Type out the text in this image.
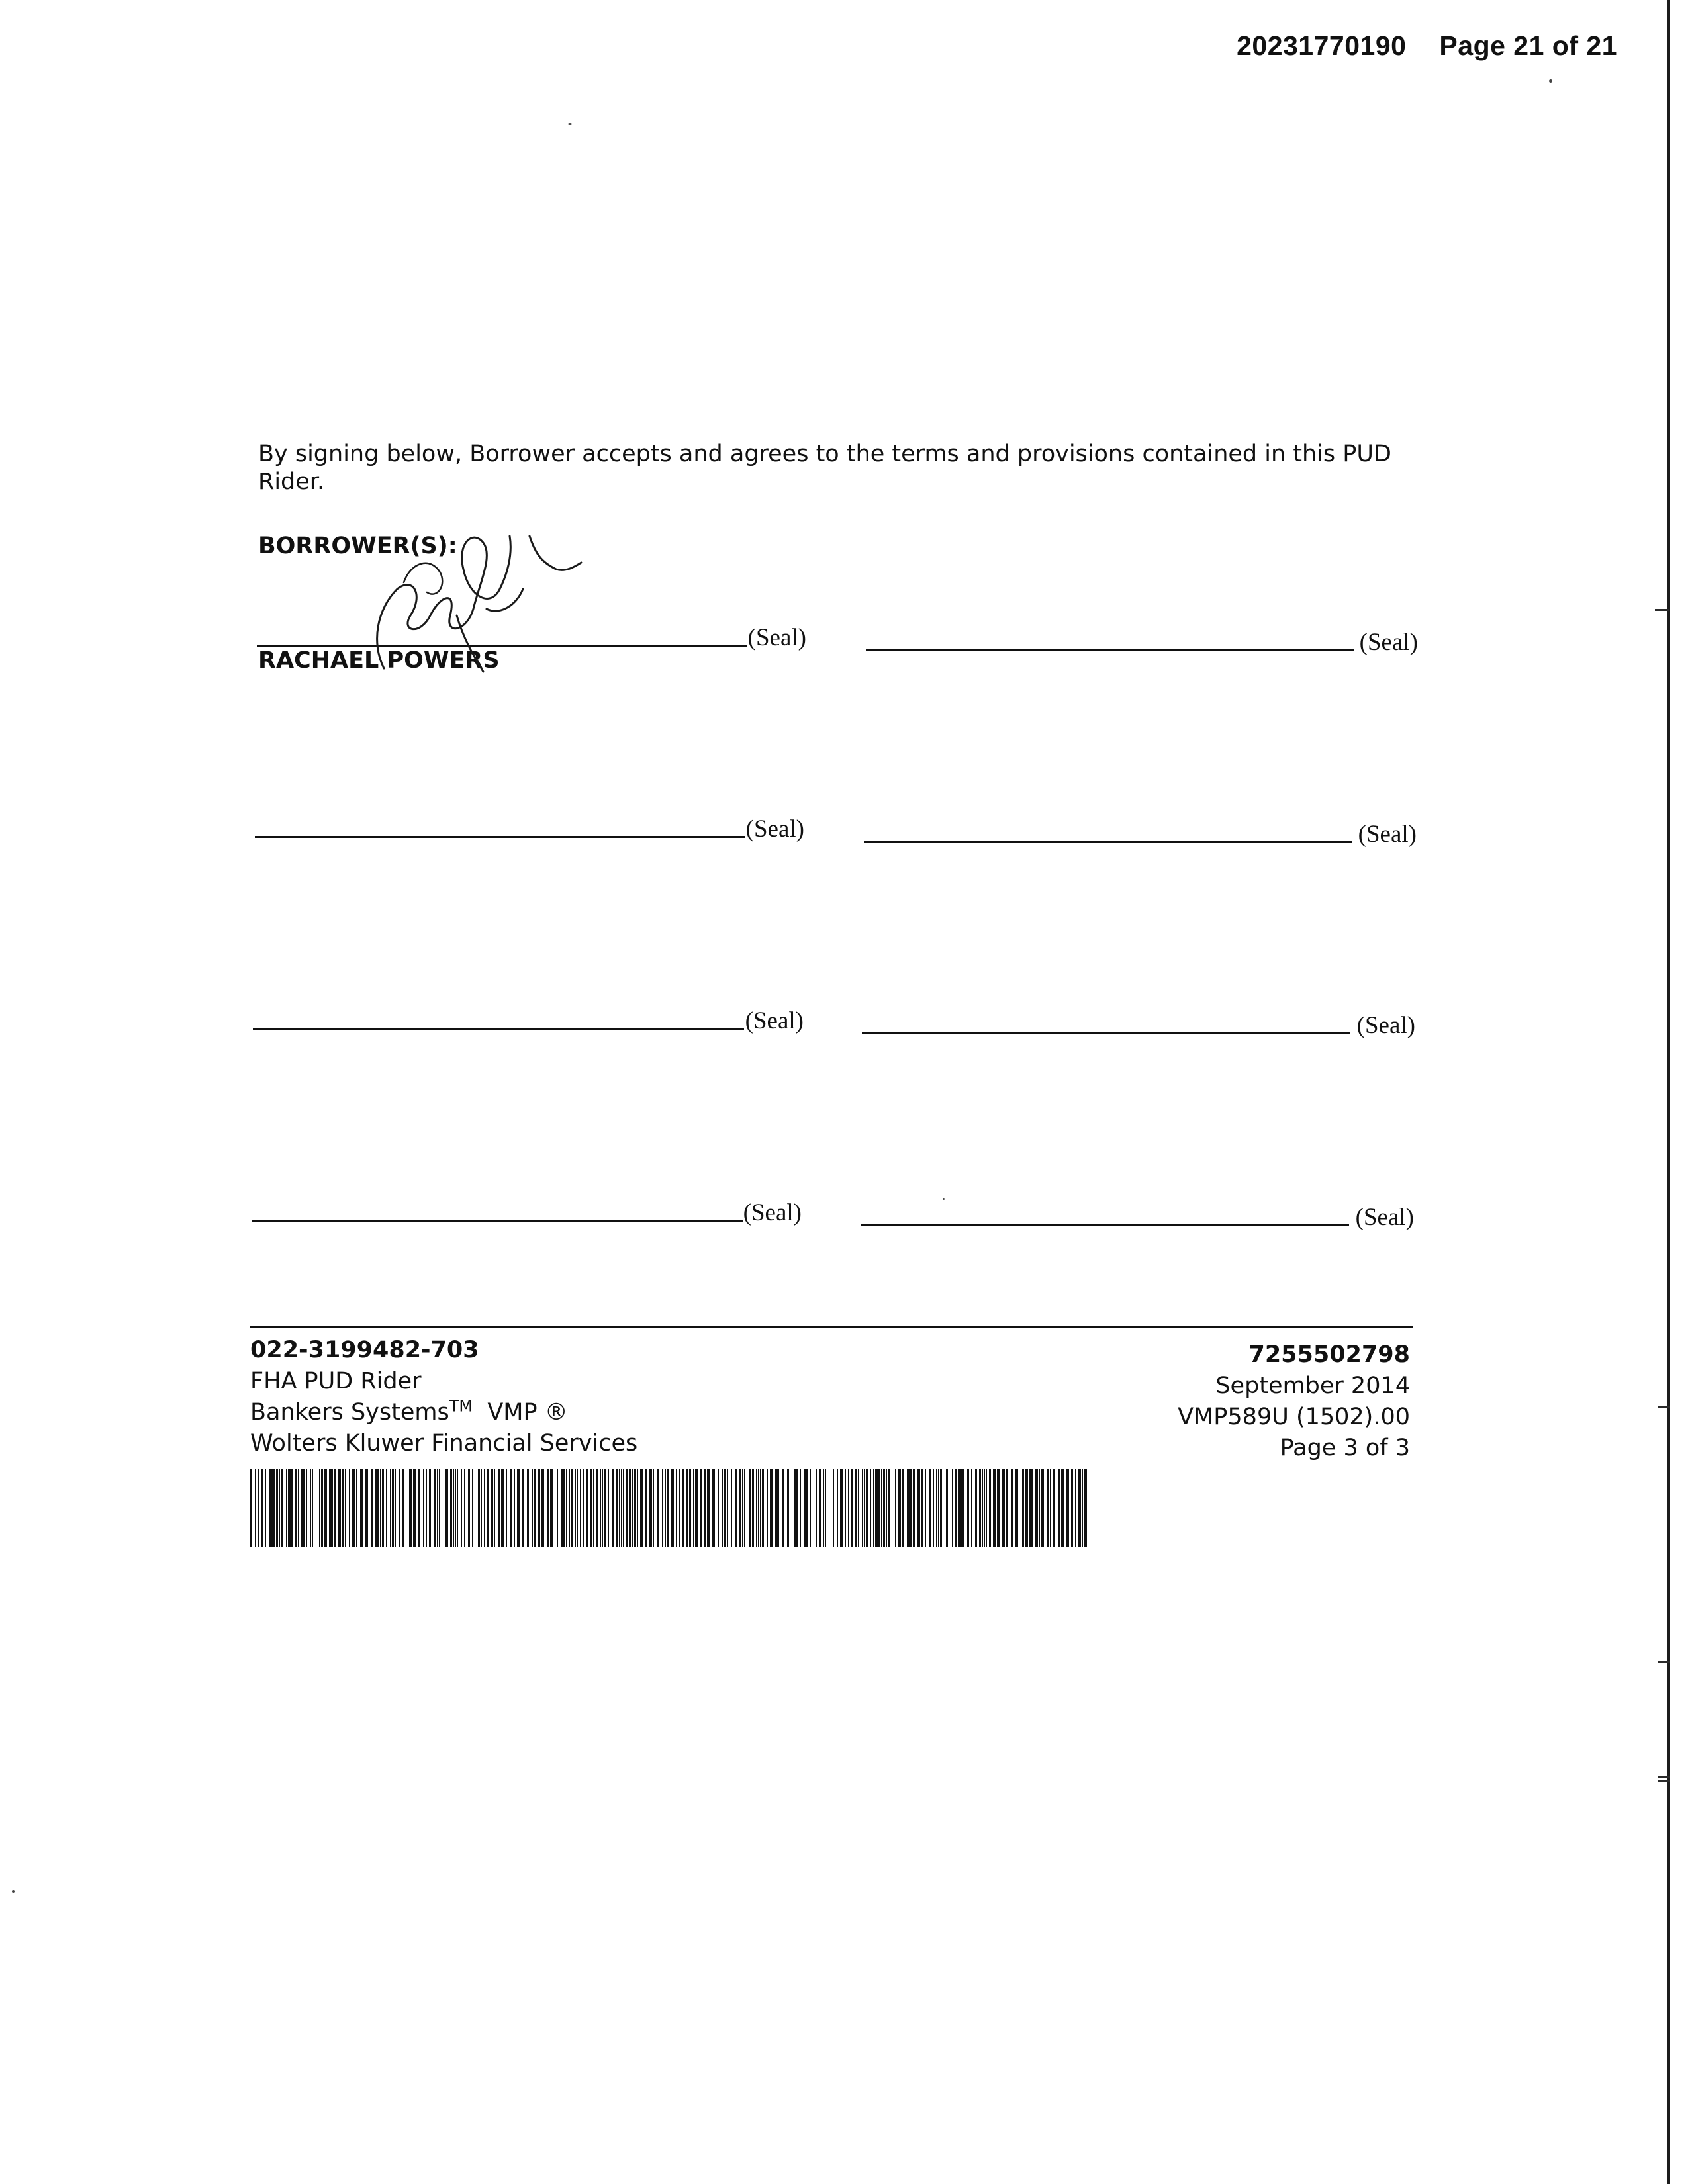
20231770190 Page 21 of 21
By signing below, Borrower accepts and agrees to the terms and provisions contained in this PUD Rider.
BORROWER(S):
(Seal)	(Seal)
RACHAEL POWERS
(Seal)	(Seal)
(Seal)	(Seal)
(Seal)	(Seal)
022-3199482-703
FHA PUD Rider
Bankers Systems™ VMP ®
Wolters Kluwer Financial Services
7255502798
September 2014
VMP589U (1502).00
Page 3 of 3
